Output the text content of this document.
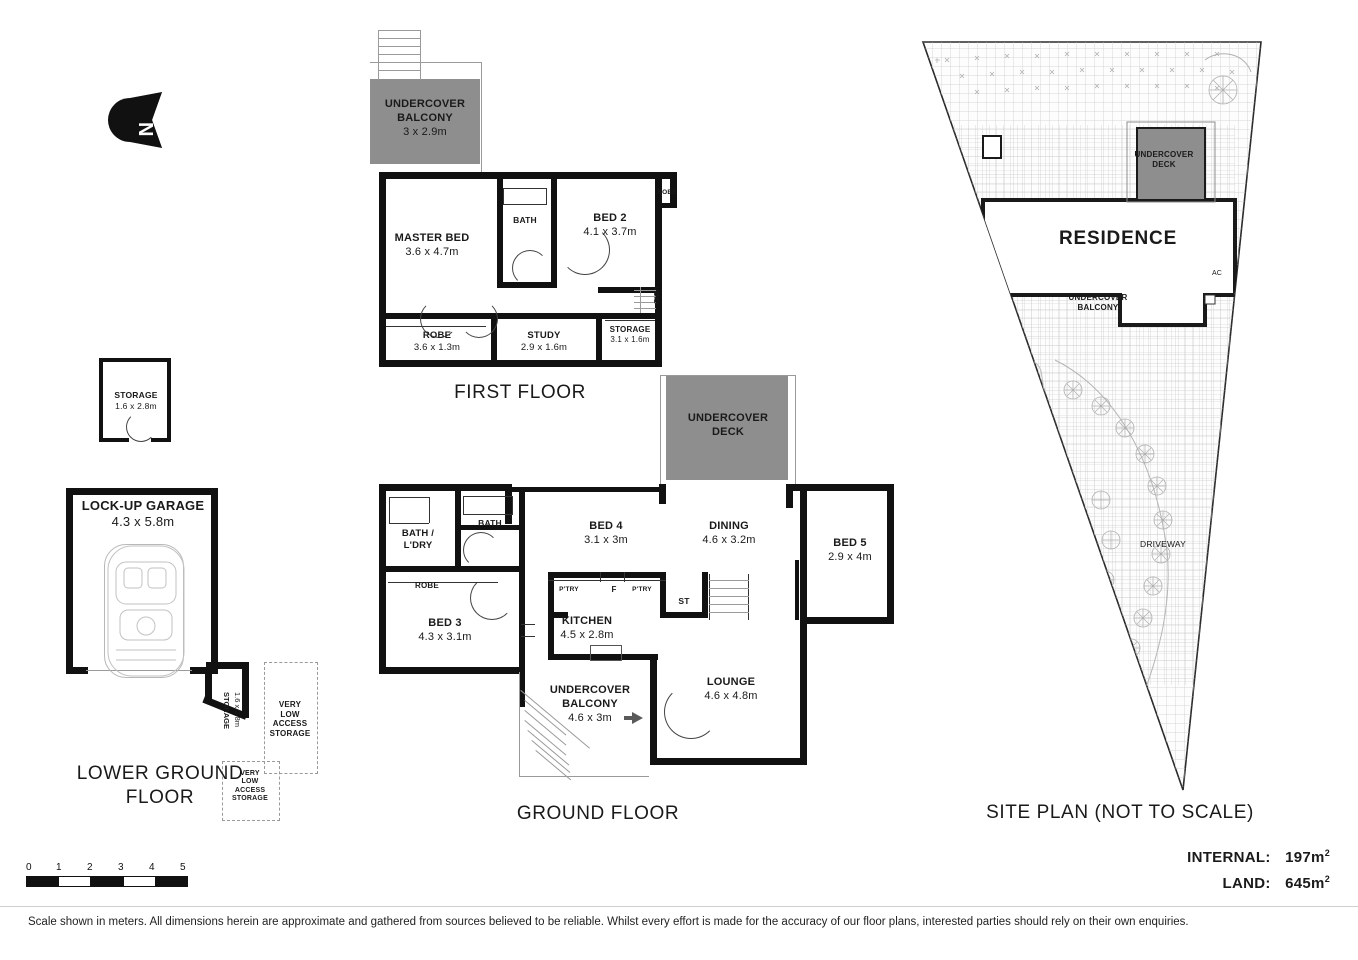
N
UNDERCOVER
BALCONY
3 x 2.9m
MASTER BED
3.6 x 4.7m
BATH	BED 2
4.1 x 3.7m
ROBE
ROBE
3.6 x 1.3m
STUDY
2.9 x 1.6m
STORAGE
3.1 x 1.6m
VOID
FIRST FLOOR
UNDERCOVER
DECK
BATH /
L'DRY
BATH	BED 4
3.1 x 3m
DINING
4.6 x 3.2m	BED 5
2.9 x 4m
ROBE
BED 3
4.3 x 3.1m
KITCHEN
4.5 x 2.8m
P'TRY	F	P'TRY
ST
LOUNGE
4.6 x 4.8m
UNDERCOVER
BALCONY
4.6 x 3m
GROUND FLOOR
STORAGE
1.6 x 2.8m
LOCK-UP GARAGE
4.3 x 5.8m
STORAGE 1.6 x 2.8m	VERY
LOW
ACCESS
STORAGE
VERY
LOW
ACCESS
STORAGE
LOWER GROUND
FLOOR
RESIDENCE
UNDERCOVER
DECK
UNDERCOVER
BALCONY
DRIVEWAY
AC
SITE PLAN (NOT TO SCALE)
INTERNAL: $197m^2$
LAND: $645m^2$
0 1	2	3	4	5
Scale shown in meters. All dimensions herein are approximate and gathered from sources believed to be reliable. Whilst every effort is made for the accuracy of our floor plans, interested parties should rely on their own enquiries.
